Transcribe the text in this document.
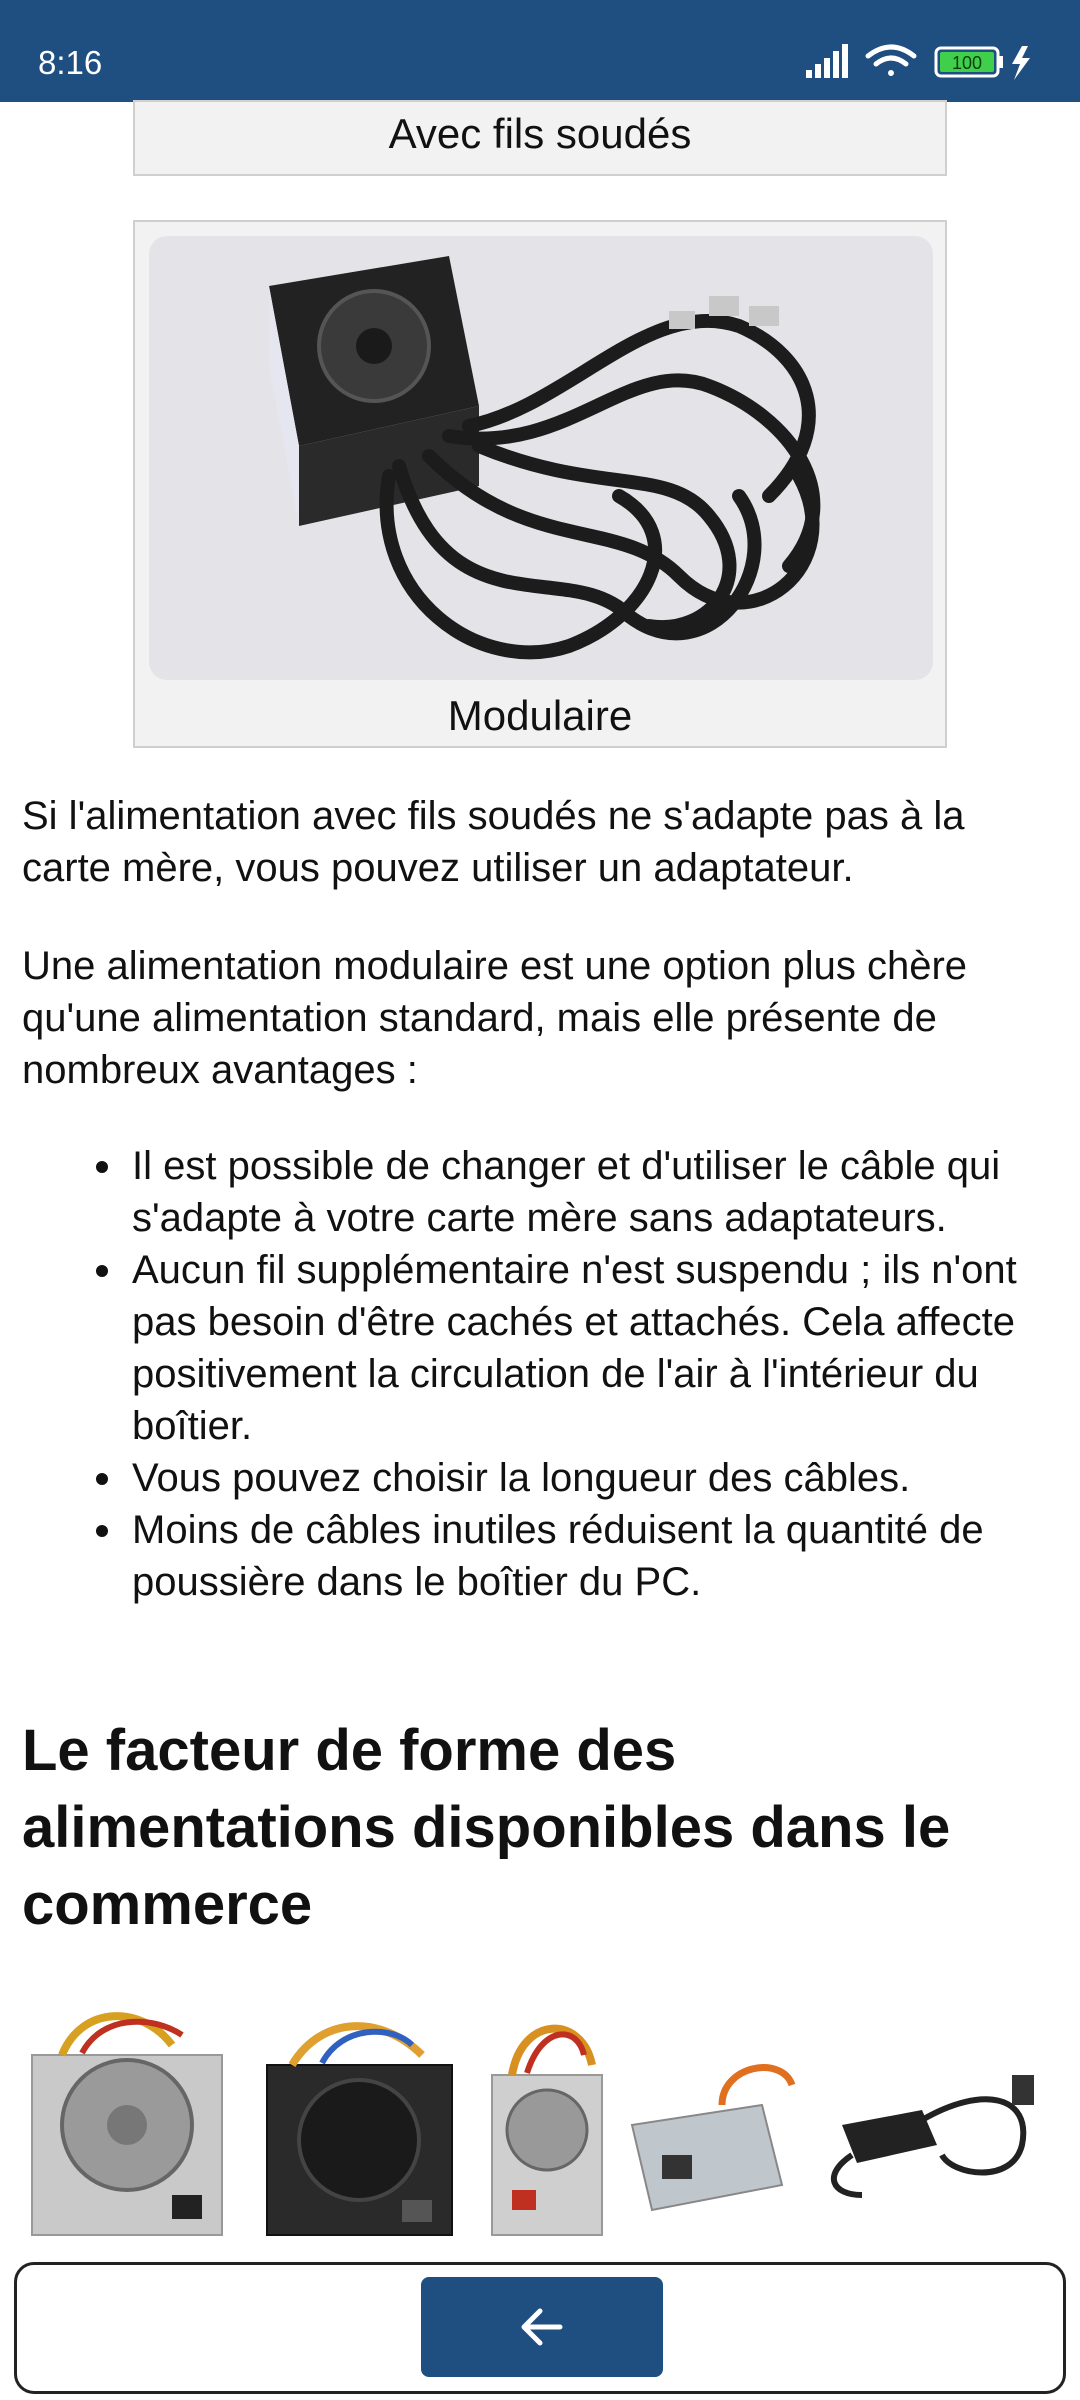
8:16	100
Avec fils soudés
Modulaire

Si l'alimentation avec fils soudés ne s'adapte pas à la carte mère, vous pouvez utiliser un adaptateur.

Une alimentation modulaire est une option plus chère qu'une alimentation standard, mais elle présente de nombreux avantages :

Il est possible de changer et d'utiliser le câble qui s'adapte à votre carte mère sans adaptateurs.
Aucun fil supplémentaire n'est suspendu ; ils n'ont pas besoin d'être cachés et attachés. Cela affecte positivement la circulation de l'air à l'intérieur du boîtier.
Vous pouvez choisir la longueur des câbles.
Moins de câbles inutiles réduisent la quantité de poussière dans le boîtier du PC.
Le facteur de forme des alimentations disponibles dans le commerce
